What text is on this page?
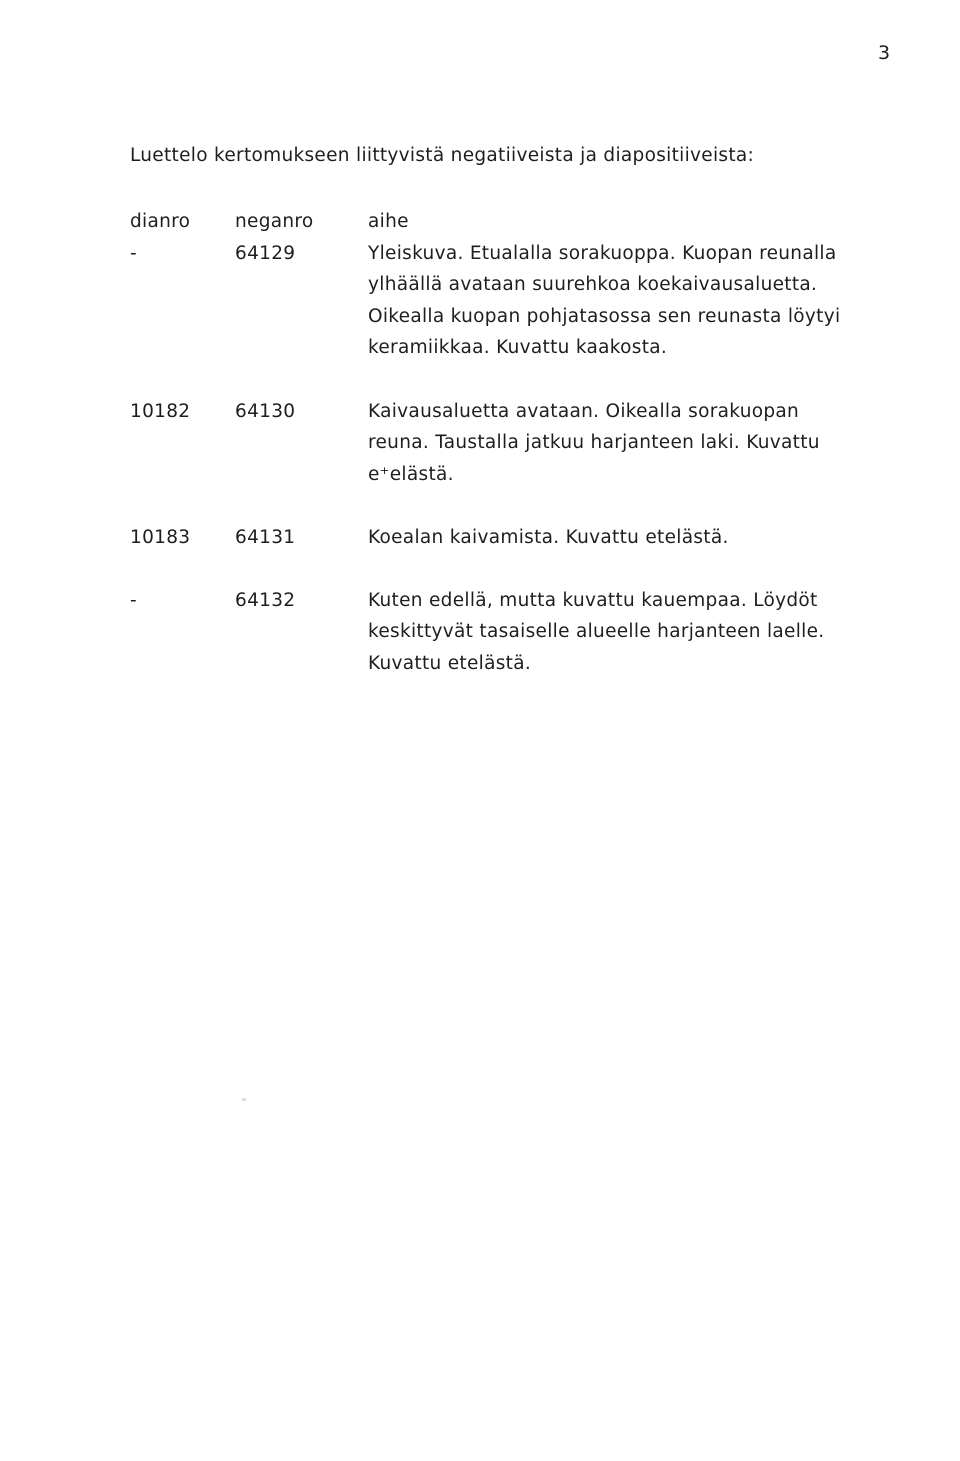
3
Luettelo kertomukseen liittyvistä negatiiveista ja diapositiiveista:
dianro neganro	aihe
-	64129	Yleiskuva. Etualalla sorakuoppa. Kuopan reunalla
ylhäällä avataan suurehkoa koekaivausaluetta.
Oikealla kuopan pohjatasossa sen reunasta löytyi
keramiikkaa. Kuvattu kaakosta.
10182 64130	Kaivausaluetta avataan. Oikealla sorakuopan
reuna. Taustalla jatkuu harjanteen laki. Kuvattu
e⁺elästä.
10183 64131	Koealan kaivamista. Kuvattu etelästä.
-	64132	Kuten edellä, mutta kuvattu kauempaa. Löydöt
keskittyvät tasaiselle alueelle harjanteen laelle.
Kuvattu etelästä.
